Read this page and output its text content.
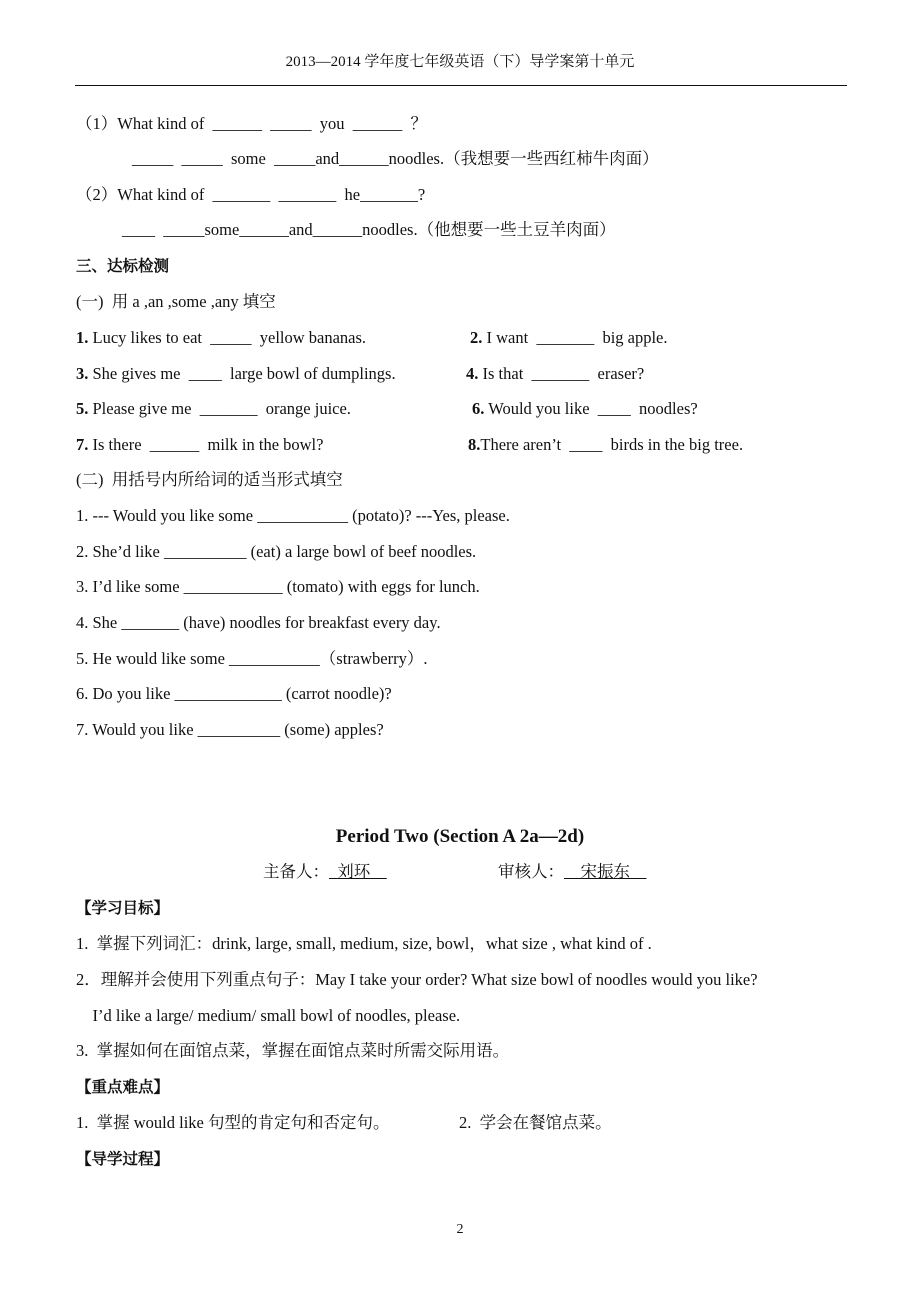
2013—2014 学年度七年级英语（下）导学案第十单元
（1）What kind of  ______  _____  you  ______  ？
_____  _____  some  _____and______noodles.（我想要一些西红柿牛肉面）
（2）What kind of  _______  _______  he_______?
____  _____some______and______noodles.（他想要一些土豆羊肉面）
三、达标检测
(一)  用 a ,an ,some ,any 填空
1. Lucy likes to eat  _____  yellow bananas.	2. I want  _______  big apple.
3. She gives me  ____  large bowl of dumplings.	4. Is that  _______  eraser?
5. Please give me  _______  orange juice.	6. Would you like  ____  noodles?
7. Is there  ______  milk in the bowl?	8.There aren’t  ____  birds in the big tree.
(二)  用括号内所给词的适当形式填空
1. --- Would you like some ___________ (potato)? ---Yes, please.
2. She’d like __________ (eat) a large bowl of beef noodles.
3. I’d like some ____________ (tomato) with eggs for lunch.
4. She _______ (have) noodles for breakfast every day.
5. He would like some ___________（strawberry）.
6. Do you like _____________ (carrot noodle)?
7. Would you like __________ (some) apples?
Period Two (Section A 2a—2d)
主备人： 刘环	审核人： 宋振东
【学习目标】
1.  掌握下列词汇：drink, large, small, medium, size, bowl，what size , what kind of .
2．理解并会使用下列重点句子：May I take your order? What size bowl of noodles would you like?
I’d like a large/ medium/ small bowl of noodles, please.
3.  掌握如何在面馆点菜，掌握在面馆点菜时所需交际用语。
【重点难点】
1.  掌握 would like 句型的肯定句和否定句。	2.  学会在餐馆点菜。
【导学过程】
2
